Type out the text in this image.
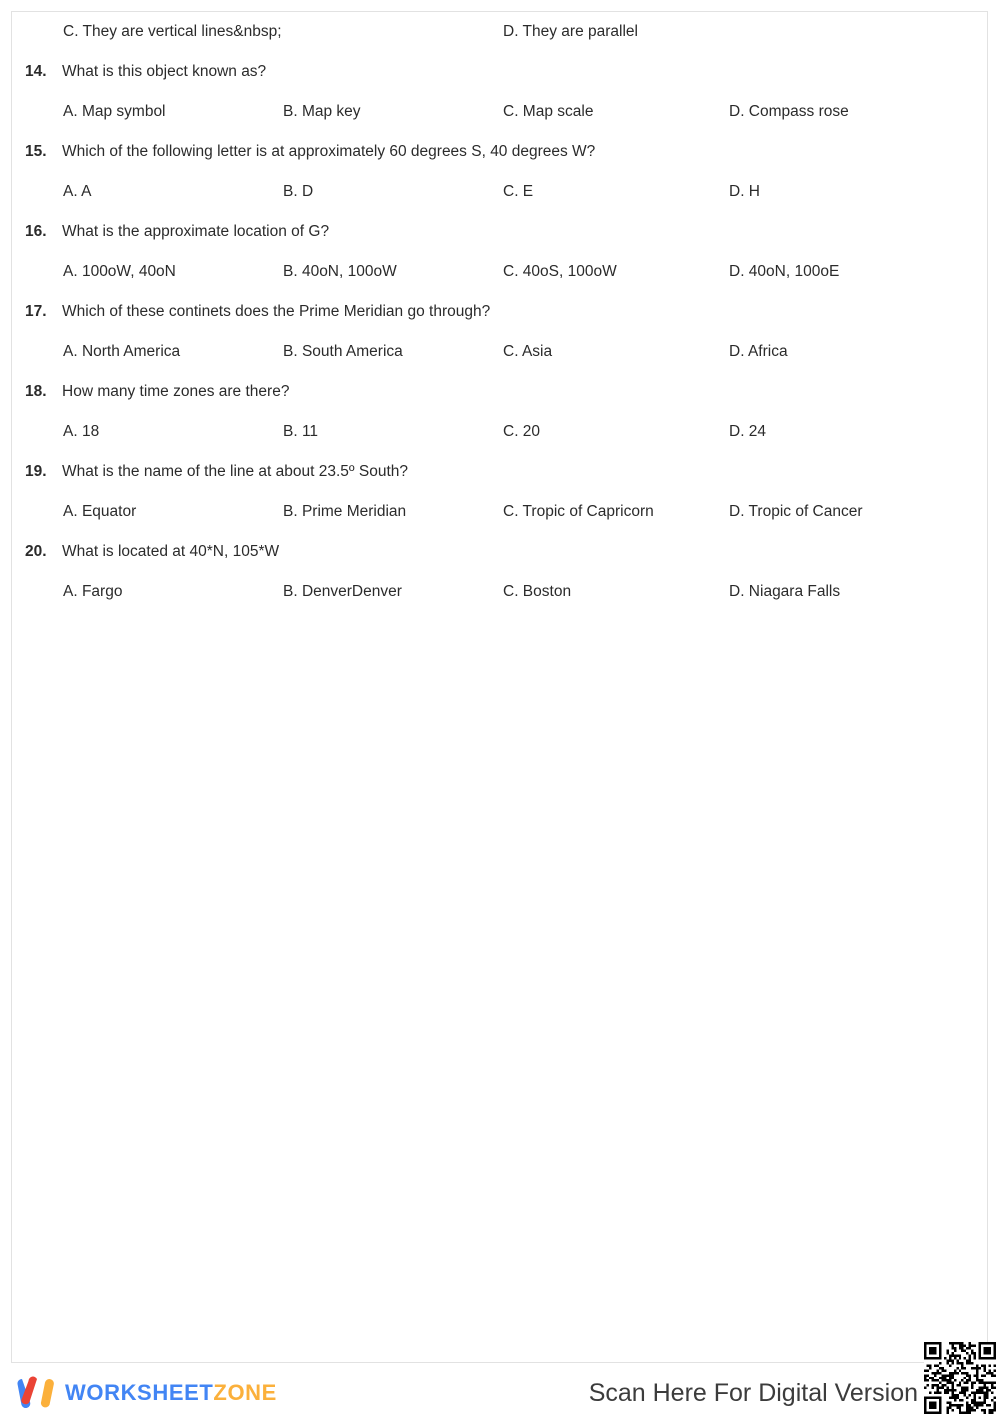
C. They are vertical lines&nbsp;	D. They are parallel
14. What is this object known as?
A. Map symbol	B. Map key	C. Map scale	D. Compass rose
15. Which of the following letter is at approximately 60 degrees S, 40 degrees W?
A. A	B. D	C. E	D. H
16. What is the approximate location of G?
A. 100oW, 40oN	B. 40oN, 100oW	C. 40oS, 100oW	D. 40oN, 100oE
17. Which of these continets does the Prime Meridian go through?
A. North America	B. South America	C. Asia	D. Africa
18. How many time zones are there?
A. 18	B. 11	C. 20	D. 24
19. What is the name of the line at about 23.5º South?
A. Equator	B. Prime Meridian	C. Tropic of Capricorn	D. Tropic of Cancer
20. What is located at 40*N, 105*W
A. Fargo	B. DenverDenver	C. Boston	D. Niagara Falls
WORKSHEETZONE	Scan Here For Digital Version
